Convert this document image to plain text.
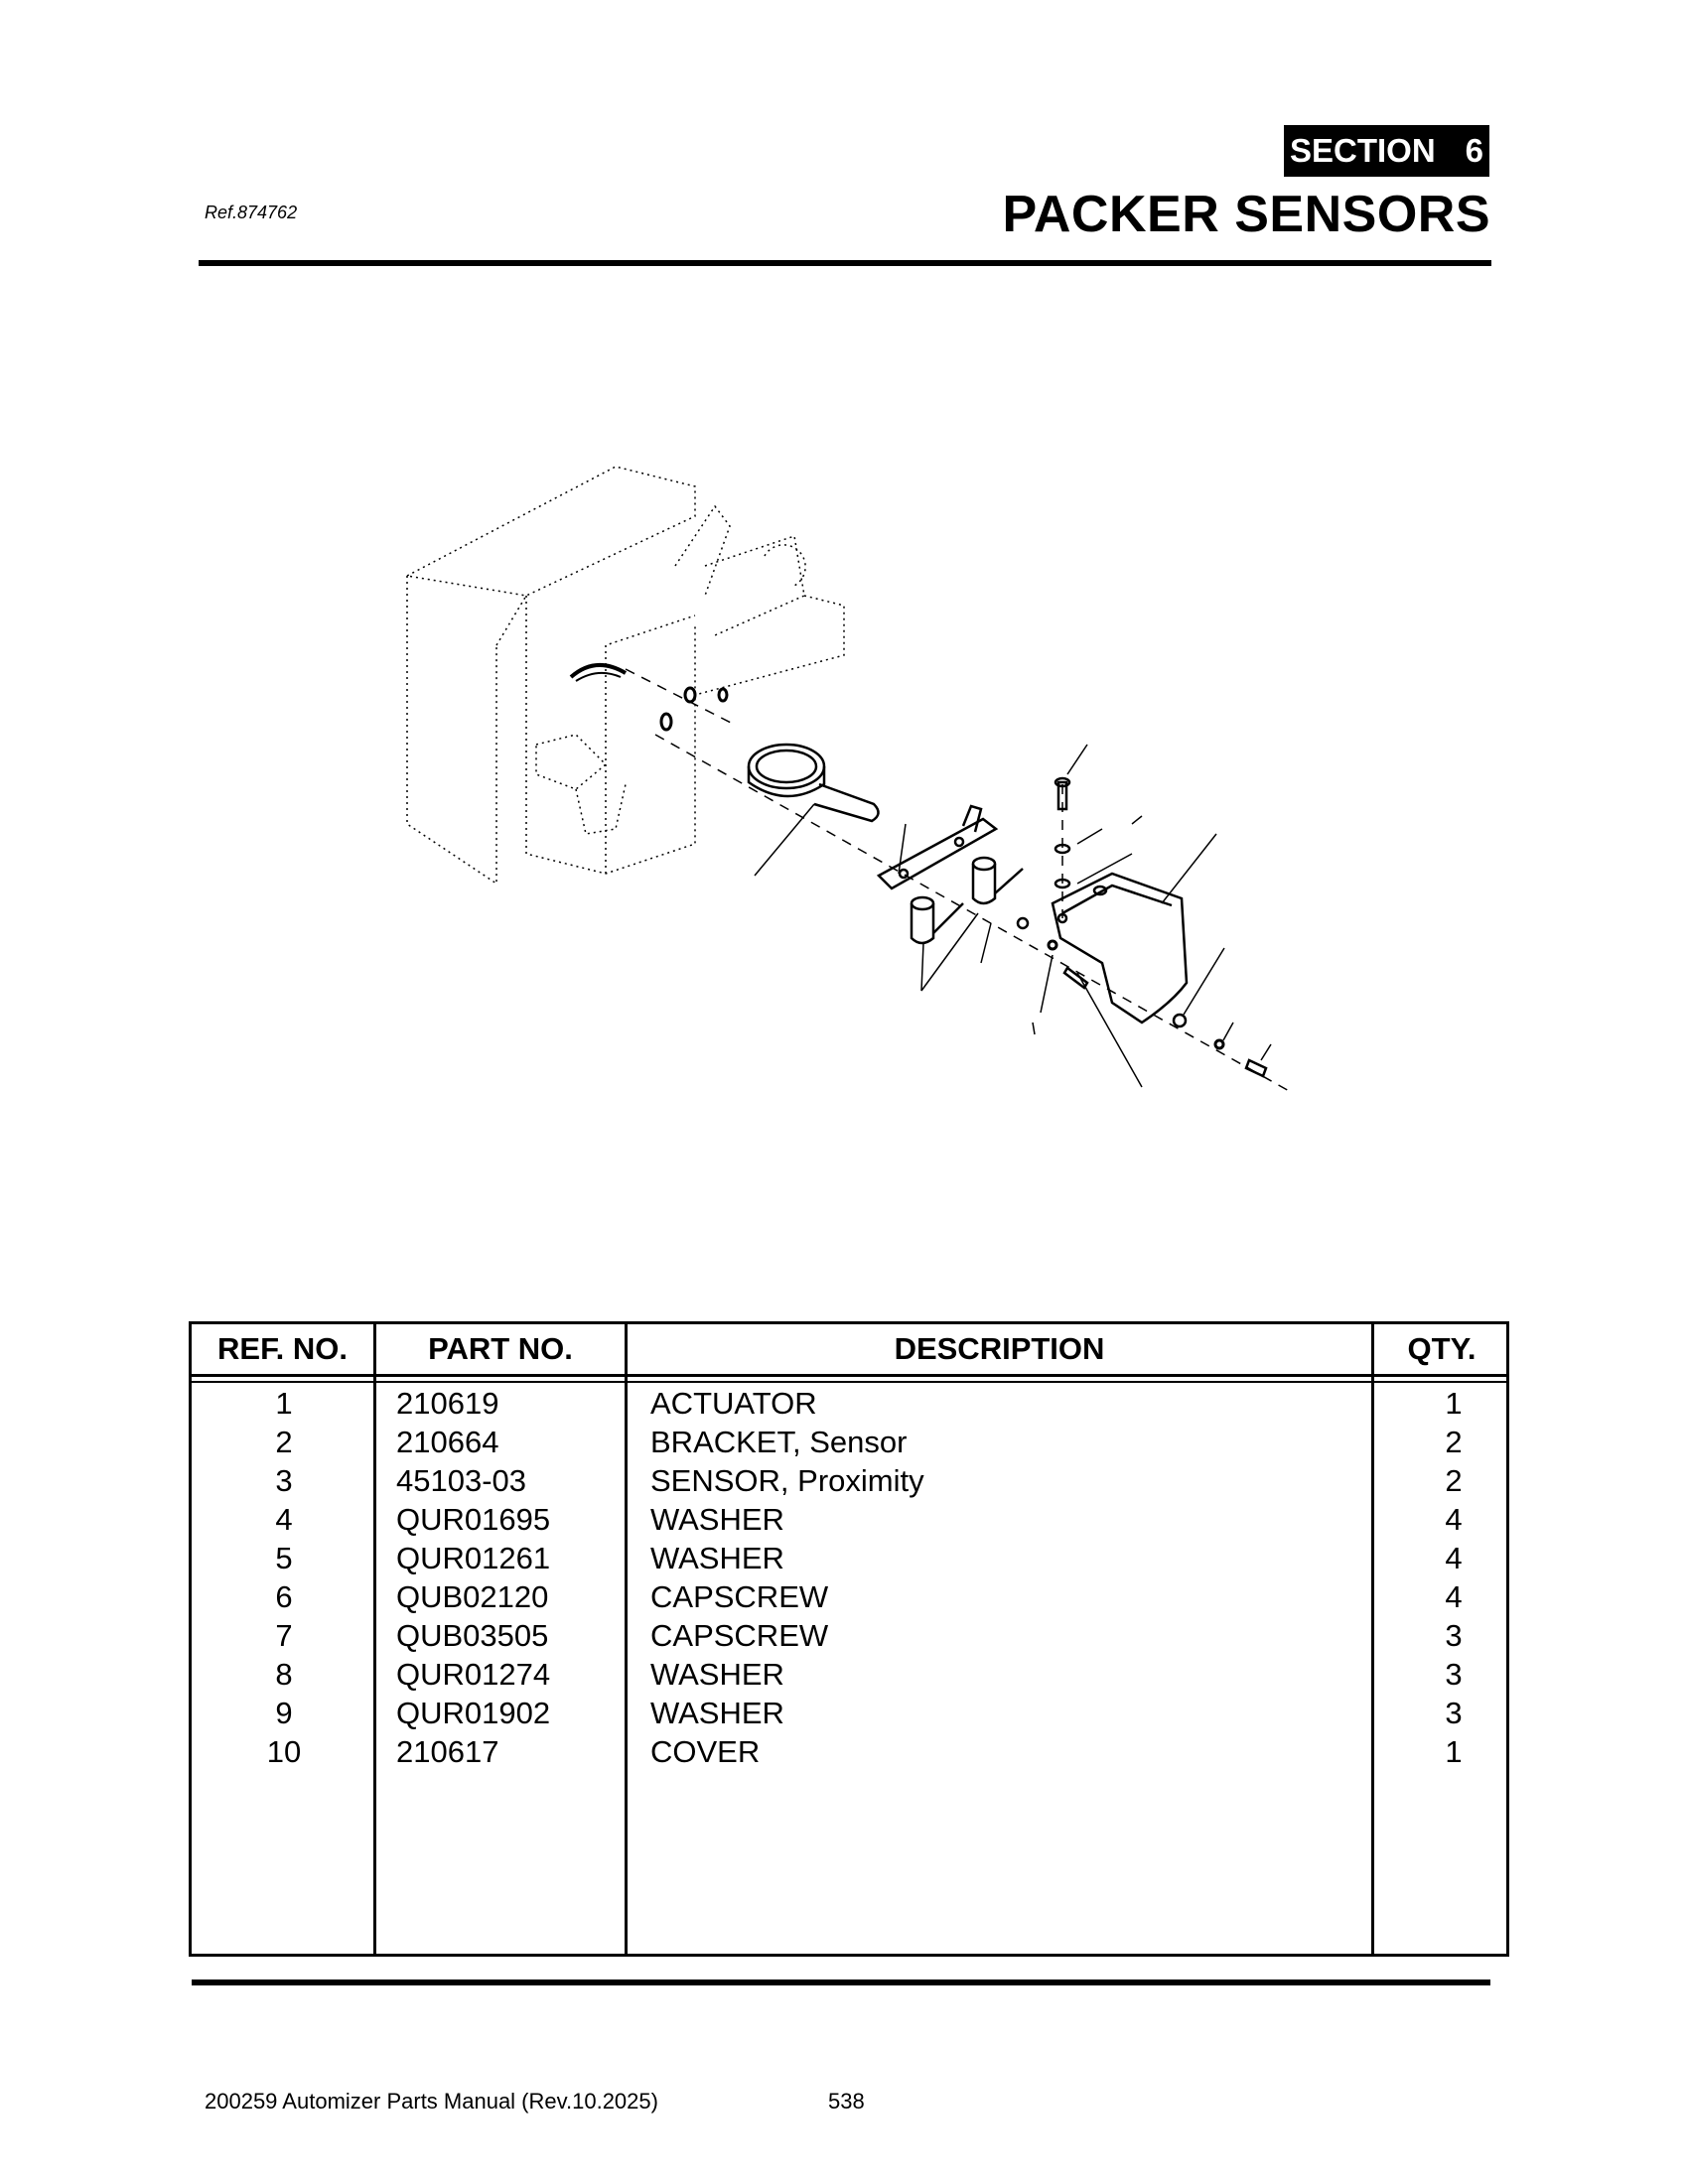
SECTION 6
Ref.874762	PACKER SENSORS
REF. NO.	PART NO.	DESCRIPTION	QTY.
1	210619	ACTUATOR	1
2	210664	BRACKET, Sensor	2
3	45103-03	SENSOR, Proximity	2
4	QUR01695	WASHER	4
5	QUR01261	WASHER	4
6	QUB02120	CAPSCREW	4
7	QUB03505	CAPSCREW	3
8	QUR01274	WASHER	3
9	QUR01902	WASHER	3
10	210617	COVER	1
200259 Automizer Parts Manual (Rev.10.2025)	538
